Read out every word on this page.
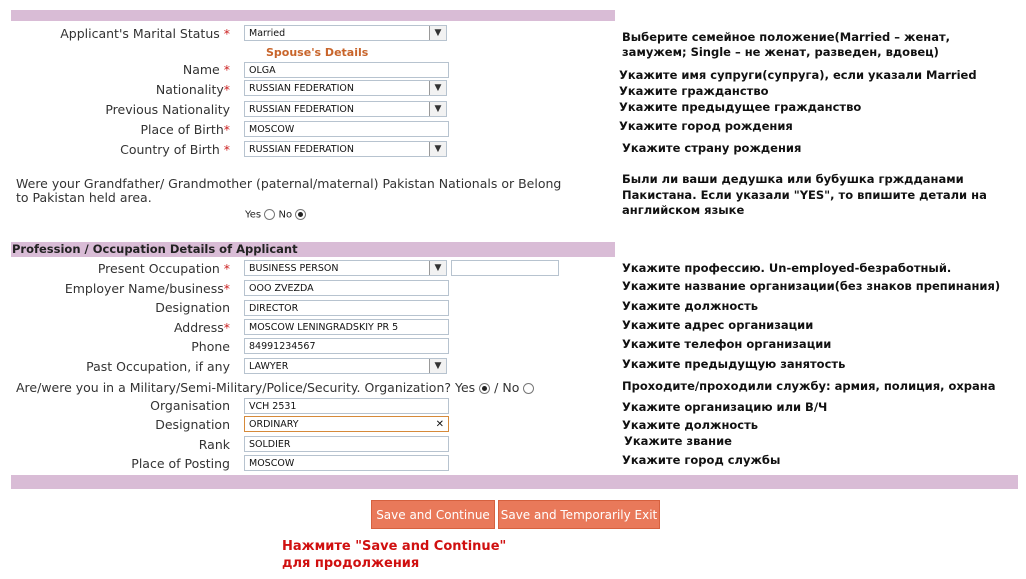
Applicant's Marital Status *	Married	▼	Выберите семейное положение(Married – женат, замужем; Single – не женат, разведен, вдовец)
Spouse's Details
Name *	OLGA	Укажите имя супруги(супруга), если указали Married
Nationality*	RUSSIAN FEDERATION	▼	Укажите гражданство
Previous Nationality	RUSSIAN FEDERATION	▼	Укажите предыдущее гражданство
Place of Birth*	MOSCOW	Укажите город рождения
Country of Birth *	RUSSIAN FEDERATION	▼	Укажите страну рождения
Were your Grandfather/ Grandmother (paternal/maternal) Pakistan Nationals or Belong to Pakistan held area.
Yes No
Были ли ваши дедушка или бубушка грждданами Пакистана. Если указали "YES", то впишите детали на английском языке
Profession / Occupation Details of Applicant
Present Occupation *	BUSINESS PERSON	▼	Укажите профессию. Un-employed-безработный.
Employer Name/business*	OOO ZVEZDA	Укажите название организации(без знаков препинания)
Designation	DIRECTOR	Укажите должность
Address*	MOSCOW LENINGRADSKIY PR 5	Укажите адрес организации
Phone	84991234567	Укажите телефон организации
Past Occupation, if any	LAWYER	▼	Укажите предыдущую занятость
Are/were you in a Military/Semi-Military/Police/Security. Organization? Yes  / No	Проходите/проходили службу: армия, полиция, охрана
Organisation	VCH 2531	Укажите организацию или В/Ч
Designation	ORDINARY	✕	Укажите должность
Rank	SOLDIER	Укажите звание
Place of Posting	MOSCOW	Укажите город службы
Save and Continue Save and Temporarily Exit
Нажмите "Save and Continue"
для продолжения
